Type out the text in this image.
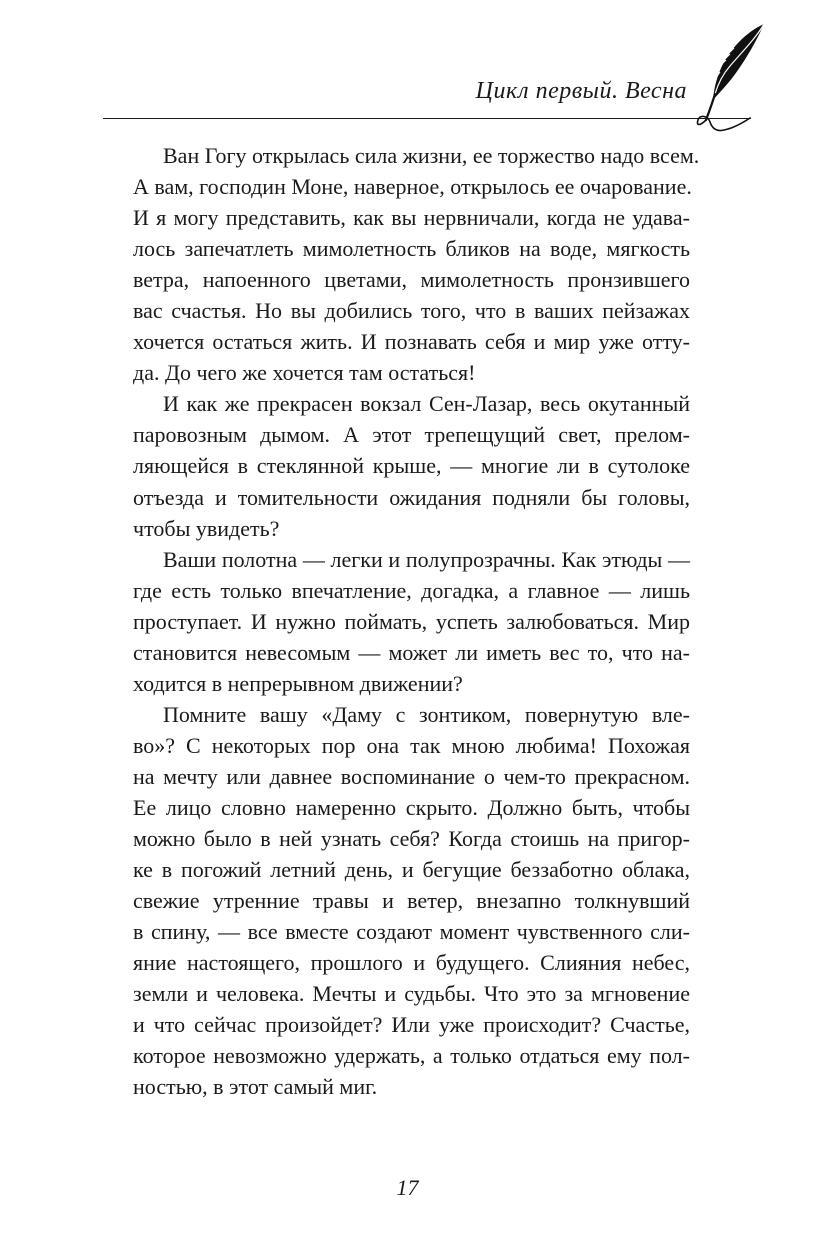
Цикл первый. Весна

Ван Гогу открылась сила жизни, ее торжество надо всем.
А вам, господин Моне, наверное, открылось ее очарование.
И я могу представить, как вы нервничали, когда не удава-
лось запечатлеть мимолетность бликов на воде, мягкость
ветра, напоенного цветами, мимолетность пронзившего
вас счастья. Но вы добились того, что в ваших пейзажах
хочется остаться жить. И познавать себя и мир уже отту-
да. До чего же хочется там остаться!

И как же прекрасен вокзал Сен-Лазар, весь окутанный
паровозным дымом. А этот трепещущий свет, прелом-
ляющейся в стеклянной крыше, — многие ли в сутолоке
отъезда и томительности ожидания подняли бы головы,
чтобы увидеть?

Ваши полотна — легки и полупрозрачны. Как этюды —
где есть только впечатление, догадка, а главное — лишь
проступает. И нужно поймать, успеть залюбоваться. Мир
становится невесомым — может ли иметь вес то, что на-
ходится в непрерывном движении?

Помните вашу «Даму с зонтиком, повернутую вле-
во»? С некоторых пор она так мною любима! Похожая
на мечту или давнее воспоминание о чем-то прекрасном.
Ее лицо словно намеренно скрыто. Должно быть, чтобы
можно было в ней узнать себя? Когда стоишь на пригор-
ке в погожий летний день, и бегущие беззаботно облака,
свежие утренние травы и ветер, внезапно толкнувший
в спину, — все вместе создают момент чувственного сли-
яние настоящего, прошлого и будущего. Слияния небес,
земли и человека. Мечты и судьбы. Что это за мгновение
и что сейчас произойдет? Или уже происходит? Счастье,
которое невозможно удержать, а только отдаться ему пол-
ностью, в этот самый миг.

17
